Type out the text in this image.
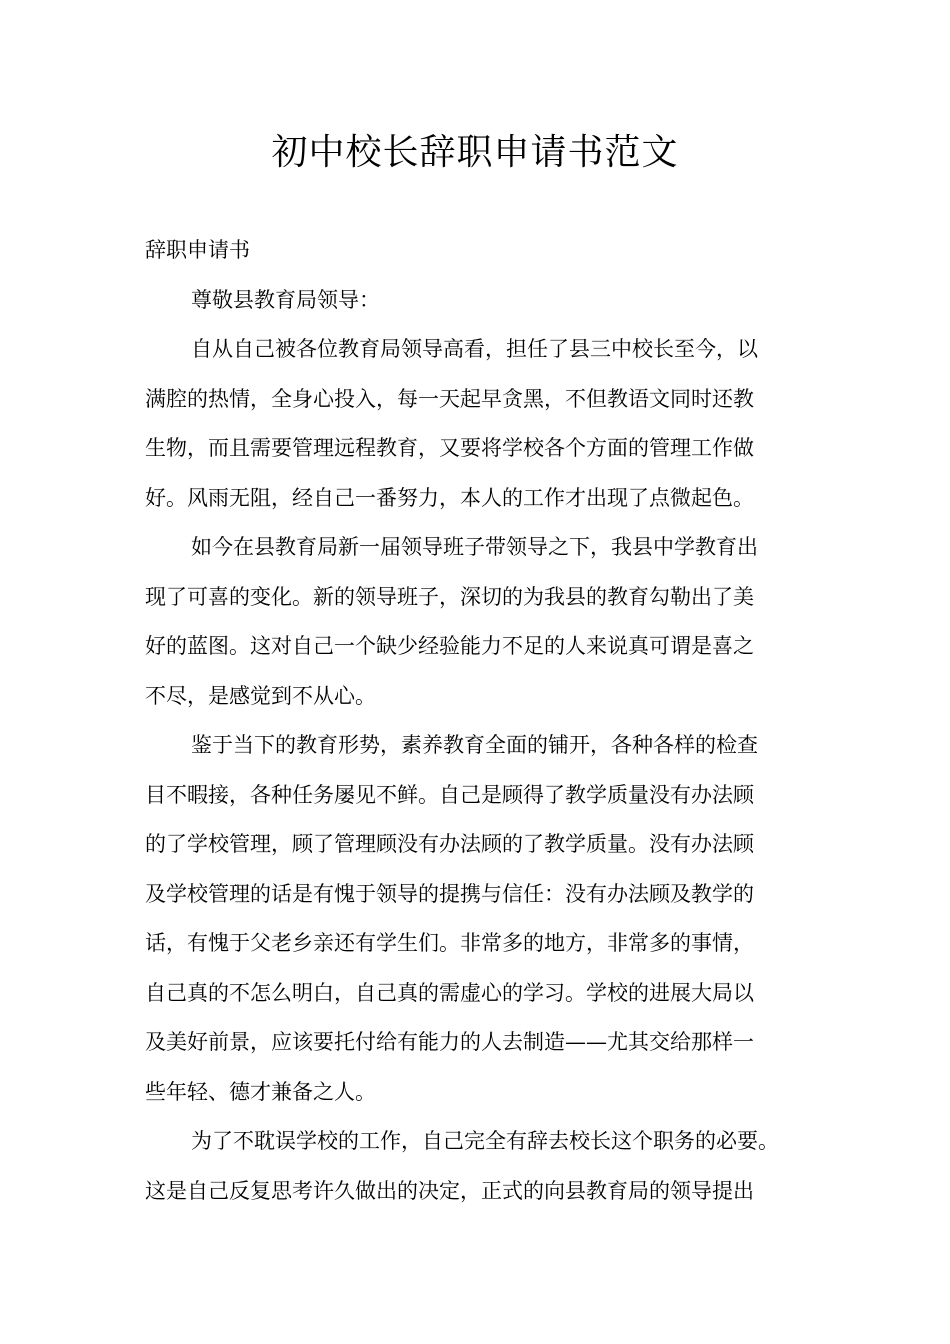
初中校长辞职申请书范文

辞职申请书

尊敬县教育局领导：

自从自己被各位教育局领导高看，担任了县三中校长至今，以
满腔的热情，全身心投入，每一天起早贪黑，不但教语文同时还教
生物，而且需要管理远程教育，又要将学校各个方面的管理工作做
好。风雨无阻，经自己一番努力，本人的工作才出现了点微起色。
如今在县教育局新一届领导班子带领导之下，我县中学教育出
现了可喜的变化。新的领导班子，深切的为我县的教育勾勒出了美
好的蓝图。这对自己一个缺少经验能力不足的人来说真可谓是喜之
不尽，是感觉到不从心。
鉴于当下的教育形势，素养教育全面的铺开，各种各样的检查
目不暇接，各种任务屡见不鲜。自己是顾得了教学质量没有办法顾
的了学校管理，顾了管理顾没有办法顾的了教学质量。没有办法顾
及学校管理的话是有愧于领导的提携与信任：没有办法顾及教学的
话，有愧于父老乡亲还有学生们。非常多的地方，非常多的事情，
自己真的不怎么明白，自己真的需虚心的学习。学校的进展大局以
及美好前景，应该要托付给有能力的人去制造——尤其交给那样一
些年轻、德才兼备之人。
为了不耽误学校的工作，自己完全有辞去校长这个职务的必要。
这是自己反复思考许久做出的决定，正式的向县教育局的领导提出
